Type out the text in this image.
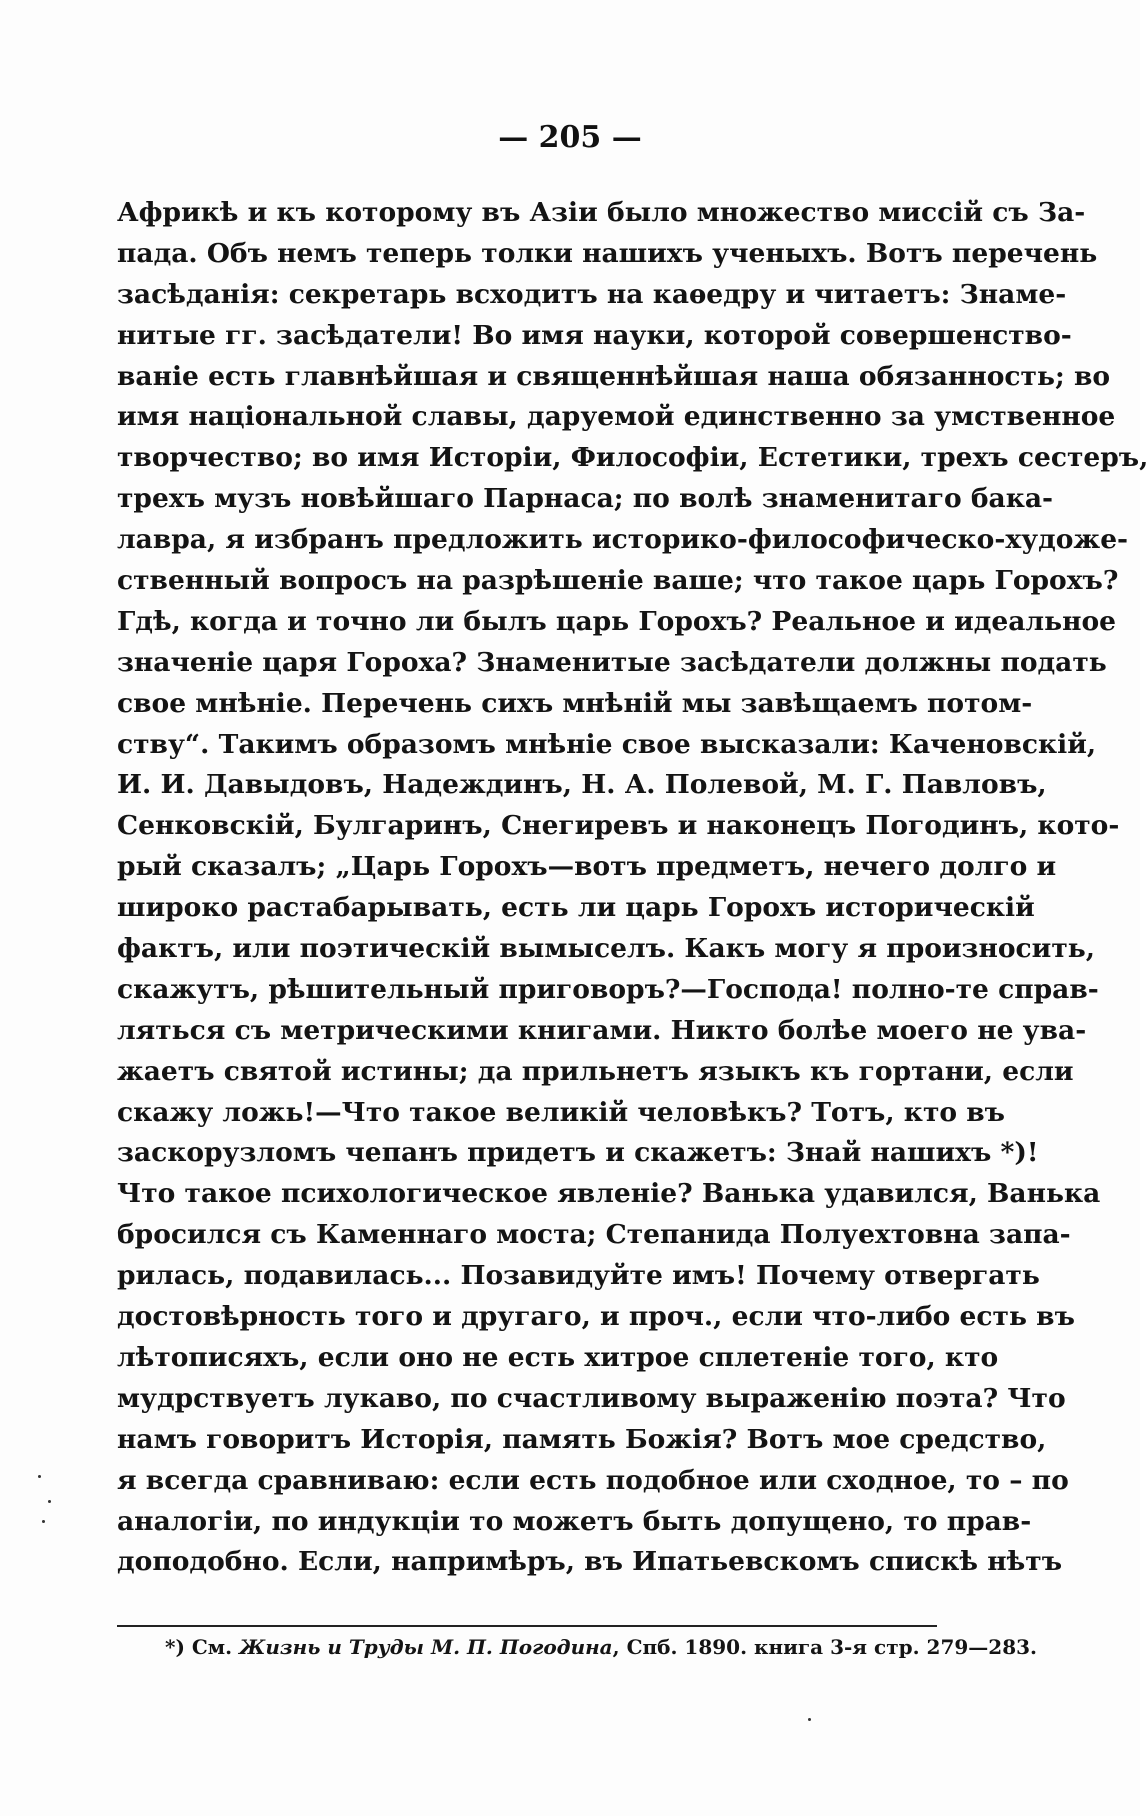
— 205 —
Африкѣ и къ которому въ Азіи было множество миссій съ За-
пада. Объ немъ теперь толки нашихъ ученыхъ. Вотъ перечень
засѣданія: секретарь всходитъ на каѳедру и читаетъ: Знаме-
нитые гг. засѣдатели! Во имя науки, которой совершенство-
ваніе есть главнѣйшая и священнѣйшая наша обязанность; во
имя національной славы, даруемой единственно за умственное
творчество; во имя Исторіи, Философіи, Естетики, трехъ сестеръ,
трехъ музъ новѣйшаго Парнаса; по волѣ знаменитаго бака-
лавра, я избранъ предложить историко-философическо-художе-
ственный вопросъ на разрѣшеніе ваше; что такое царь Горохъ?
Гдѣ, когда и точно ли былъ царь Горохъ? Реальное и идеальное
значеніе царя Гороха? Знаменитые засѣдатели должны подать
свое мнѣніе. Перечень сихъ мнѣній мы завѣщаемъ потом-
ству“. Такимъ образомъ мнѣніе свое высказали: Каченовскій,
И. И. Давыдовъ, Надеждинъ, Н. А. Полевой, М. Г. Павловъ,
Сенковскій, Булгаринъ, Снегиревъ и наконецъ Погодинъ, кото-
рый сказалъ; „Царь Горохъ—вотъ предметъ, нечего долго и
широко растабарывать, есть ли царь Горохъ историческій
фактъ, или поэтическій вымыселъ. Какъ могу я произносить,
скажутъ, рѣшительный приговоръ?—Господа! полно-те справ-
ляться съ метрическими книгами. Никто болѣе моего не ува-
жаетъ святой истины; да прильнетъ языкъ къ гортани, если
скажу ложь!—Что такое великій человѣкъ? Тотъ, кто въ
заскорузломъ чепанъ придетъ и скажетъ: Знай нашихъ *)!
Что такое психологическое явленіе? Ванька удавился, Ванька
бросился съ Каменнаго моста; Степанида Полуехтовна запа-
рилась, подавилась... Позавидуйте имъ! Почему отвергать
достовѣрность того и другаго, и проч., если что-либо есть въ
лѣтописяхъ, если оно не есть хитрое сплетеніе того, кто
мудрствуетъ лукаво, по счастливому выраженію поэта? Что
намъ говоритъ Исторія, память Божія? Вотъ мое средство,
я всегда сравниваю: если есть подобное или сходное, то – по
аналогіи, по индукціи то можетъ быть допущено, то прав-
доподобно. Если, напримѣръ, въ Ипатьевскомъ спискѣ нѣтъ
*) См. Жизнь и Труды М. П. Погодина, Спб. 1890. книга 3-я стр. 279—283.
